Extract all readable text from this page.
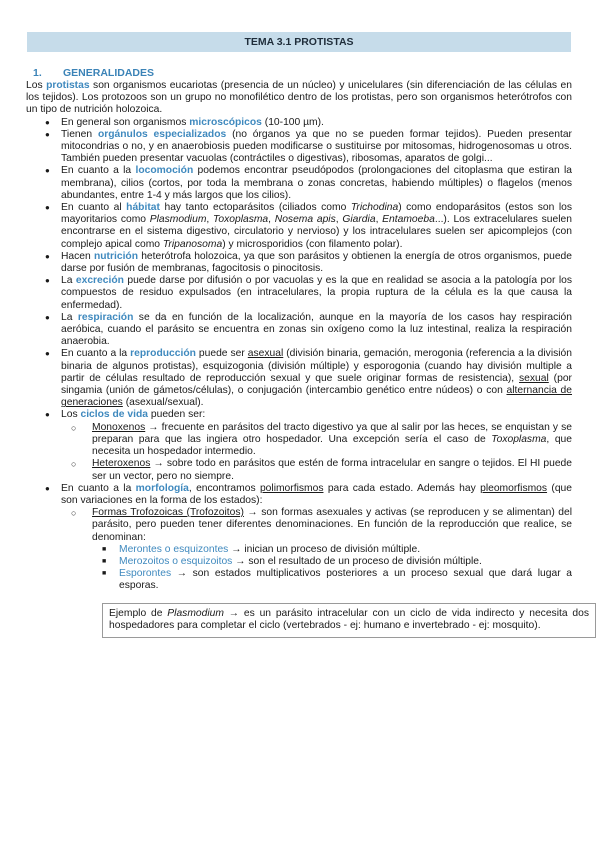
TEMA 3.1 PROTISTAS
1. GENERALIDADES

Los protistas son organismos eucariotas (presencia de un núcleo) y unicelulares (sin diferenciación de las células en los tejidos). Los protozoos son un grupo no monofilético dentro de los protistas, pero son organismos heterótrofos con un tipo de nutrición holozoica.

● En general son organismos microscópicos (10-100 µm).
● Tienen orgánulos especializados (no órganos ya que no se pueden formar tejidos). Pueden presentar mitocondrias o no, y en anaerobiosis pueden modificarse o sustituirse por mitosomas, hidrogenosomas u otros. También pueden presentar vacuolas (contráctiles o digestivas), ribosomas, aparatos de golgi...
● En cuanto a la locomoción podemos encontrar pseudópodos (prolongaciones del citoplasma que estiran la membrana), cilios (cortos, por toda la membrana o zonas concretas, habiendo múltiples) o flagelos (menos abundantes, entre 1-4 y más largos que los cilios).
● En cuanto al hábitat hay tanto ectoparásitos (ciliados como Trichodina) como endoparásitos (estos son los mayoritarios como Plasmodium, Toxoplasma, Nosema apis, Giardia, Entamoeba...). Los extracelulares suelen encontrarse en el sistema digestivo, circulatorio y nervioso) y los intracelulares suelen ser apicomplejos (con complejo apical como Tripanosoma) y microsporidios (con filamento polar).
● Hacen nutrición heterótrofa holozoica, ya que son parásitos y obtienen la energía de otros organismos, puede darse por fusión de membranas, fagocitosis o pinocitosis.
● La excreción puede darse por difusión o por vacuolas y es la que en realidad se asocia a la patología por los compuestos de residuo expulsados (en intracelulares, la propia ruptura de la célula es la que causa la enfermedad).
● La respiración se da en función de la localización, aunque en la mayoría de los casos hay respiración aeróbica, cuando el parásito se encuentra en zonas sin oxígeno como la luz intestinal, realiza la respiración anaerobia.
● En cuanto a la reproducción puede ser asexual (división binaria, gemación, merogonia (referencia a la división binaria de algunos protistas), esquizogonia (división múltiple) y esporogonia (cuando hay división multiple a partir de células resultado de reproducción sexual y que suele originar formas de resistencia), sexual (por singamia (unión de gámetos/células), o conjugación (intercambio genético entre núdeos) o con alternancia de generaciones (asexual/sexual).
● Los ciclos de vida pueden ser:
○ Monoxenos → frecuente en parásitos del tracto digestivo ya que al salir por las heces, se enquistan y se preparan para que las ingiera otro hospedador. Una excepción sería el caso de Toxoplasma, que necesita un hospedador intermedio.
○ Heteroxenos → sobre todo en parásitos que estén de forma intracelular en sangre o tejidos. El HI puede ser un vector, pero no siempre.
● En cuanto a la morfología, encontramos polimorfismos para cada estado. Además hay pleomorfismos (que son variaciones en la forma de los estados):
○ Formas Trofozoicas (Trofozoitos) → son formas asexuales y activas (se reproducen y se alimentan) del parásito, pero pueden tener diferentes denominaciones. En función de la reproducción que realice, se denominan:
■ Merontes o esquizontes → inician un proceso de división múltiple.
■ Merozoitos o esquizoitos → son el resultado de un proceso de división múltiple.
■ Esporontes → son estados multiplicativos posteriores a un proceso sexual que dará lugar a esporas.
Ejemplo de Plasmodium → es un parásito intracelular con un ciclo de vida indirecto y necesita dos hospedadores para completar el ciclo (vertebrados - ej: humano e invertebrado - ej: mosquito).
